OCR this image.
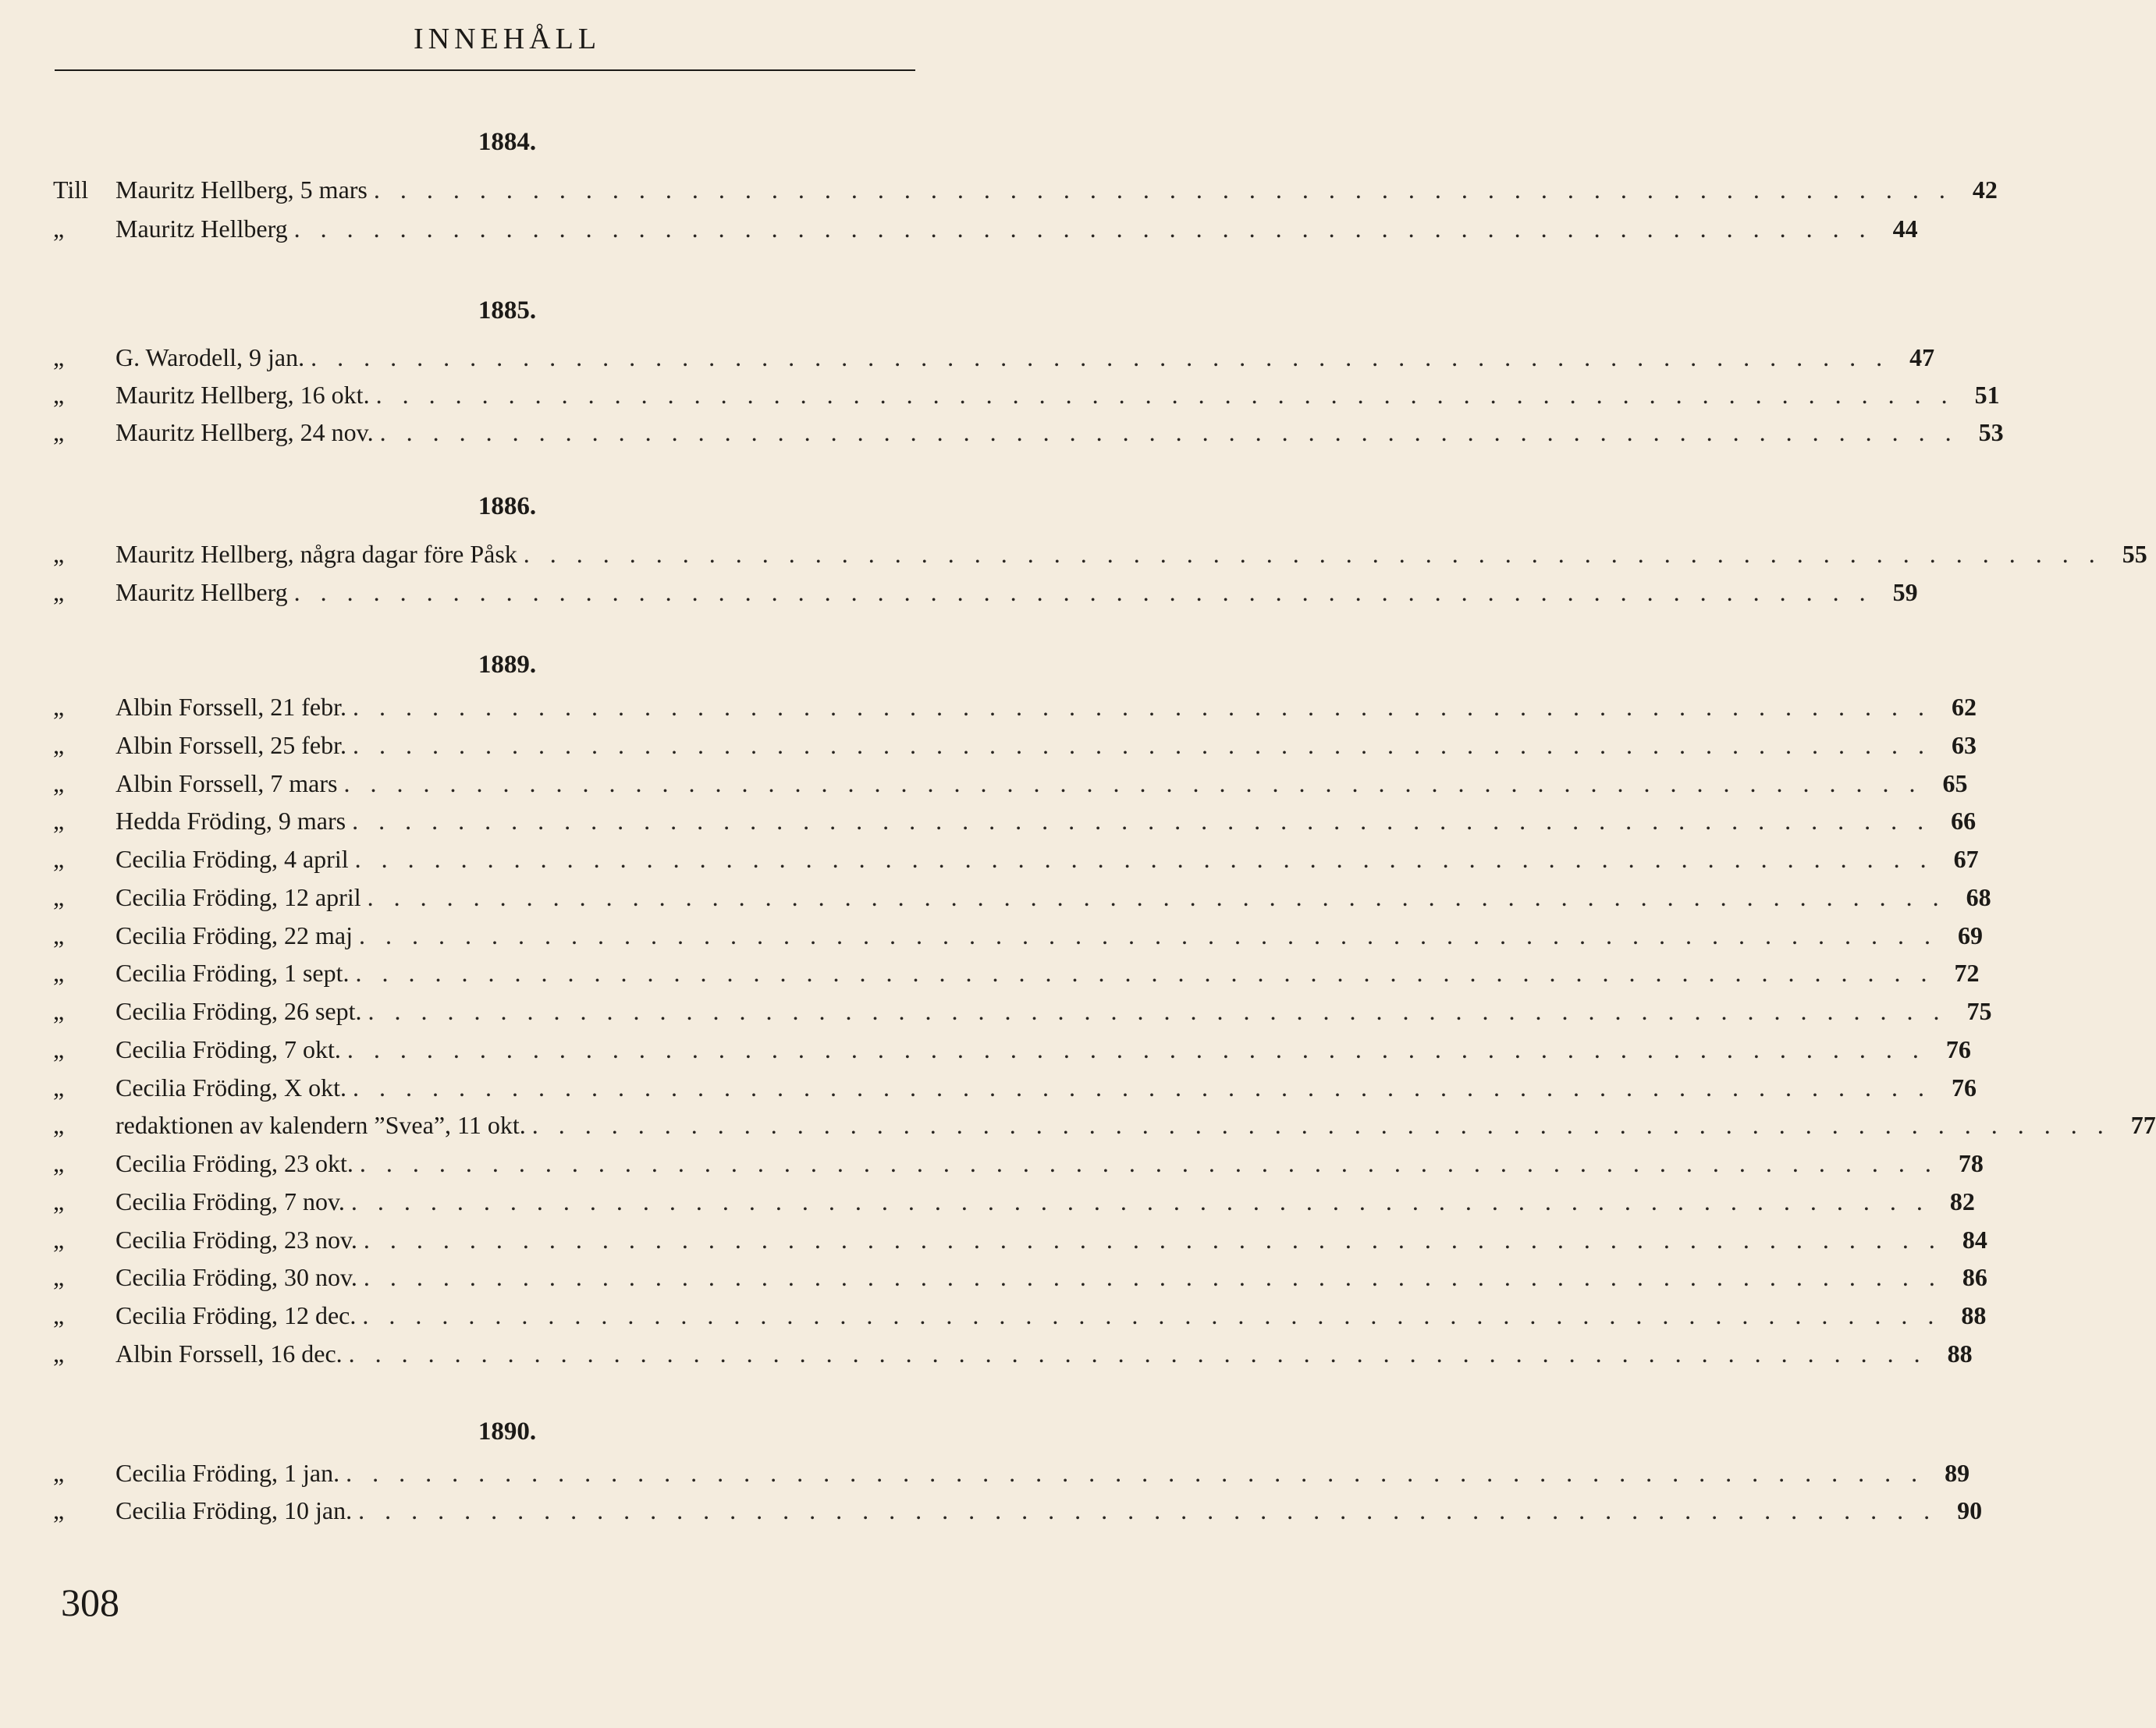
INNEHÅLL
1884.
Till	Mauritz Hellberg, 5 mars . . . . . . . . . . . . . . . . . . . . . . . . . . . . . . . . . . . . . . . . . . . . . . . . . . . . . . . . . . . . 42
„	Mauritz Hellberg . . . . . . . . . . . . . . . . . . . . . . . . . . . . . . . . . . . . . . . . . . . . . . . . . . . . . . . . . . . . 44
1885.
„	G. Warodell, 9 jan. . . . . . . . . . . . . . . . . . . . . . . . . . . . . . . . . . . . . . . . . . . . . . . . . . . . . . . . . . . . . 47
„	Mauritz Hellberg, 16 okt. . . . . . . . . . . . . . . . . . . . . . . . . . . . . . . . . . . . . . . . . . . . . . . . . . . . . . . . . . . . . 51
„	Mauritz Hellberg, 24 nov. . . . . . . . . . . . . . . . . . . . . . . . . . . . . . . . . . . . . . . . . . . . . . . . . . . . . . . . . . . . . 53
1886.
„	Mauritz Hellberg, några dagar före Påsk . . . . . . . . . . . . . . . . . . . . . . . . . . . . . . . . . . . . . . . . . . . . . . . . . . . . . . . . . . . . 55
„	Mauritz Hellberg . . . . . . . . . . . . . . . . . . . . . . . . . . . . . . . . . . . . . . . . . . . . . . . . . . . . . . . . . . . . 59
1889.
„	Albin Forssell, 21 febr. . . . . . . . . . . . . . . . . . . . . . . . . . . . . . . . . . . . . . . . . . . . . . . . . . . . . . . . . . . . . 62
„	Albin Forssell, 25 febr. . . . . . . . . . . . . . . . . . . . . . . . . . . . . . . . . . . . . . . . . . . . . . . . . . . . . . . . . . . . . 63
„	Albin Forssell, 7 mars . . . . . . . . . . . . . . . . . . . . . . . . . . . . . . . . . . . . . . . . . . . . . . . . . . . . . . . . . . . . 65
„	Hedda Fröding, 9 mars . . . . . . . . . . . . . . . . . . . . . . . . . . . . . . . . . . . . . . . . . . . . . . . . . . . . . . . . . . . . 66
„	Cecilia Fröding, 4 april . . . . . . . . . . . . . . . . . . . . . . . . . . . . . . . . . . . . . . . . . . . . . . . . . . . . . . . . . . . . 67
„	Cecilia Fröding, 12 april . . . . . . . . . . . . . . . . . . . . . . . . . . . . . . . . . . . . . . . . . . . . . . . . . . . . . . . . . . . . 68
„	Cecilia Fröding, 22 maj . . . . . . . . . . . . . . . . . . . . . . . . . . . . . . . . . . . . . . . . . . . . . . . . . . . . . . . . . . . . 69
„	Cecilia Fröding, 1 sept. . . . . . . . . . . . . . . . . . . . . . . . . . . . . . . . . . . . . . . . . . . . . . . . . . . . . . . . . . . . . 72
„	Cecilia Fröding, 26 sept. . . . . . . . . . . . . . . . . . . . . . . . . . . . . . . . . . . . . . . . . . . . . . . . . . . . . . . . . . . . . 75
„	Cecilia Fröding, 7 okt. . . . . . . . . . . . . . . . . . . . . . . . . . . . . . . . . . . . . . . . . . . . . . . . . . . . . . . . . . . . . 76
„	Cecilia Fröding, X okt. . . . . . . . . . . . . . . . . . . . . . . . . . . . . . . . . . . . . . . . . . . . . . . . . . . . . . . . . . . . . 76
„	redaktionen av kalendern ”Svea”, 11 okt. . . . . . . . . . . . . . . . . . . . . . . . . . . . . . . . . . . . . . . . . . . . . . . . . . . . . . . . . . . . . 77
„	Cecilia Fröding, 23 okt. . . . . . . . . . . . . . . . . . . . . . . . . . . . . . . . . . . . . . . . . . . . . . . . . . . . . . . . . . . . . 78
„	Cecilia Fröding, 7 nov. . . . . . . . . . . . . . . . . . . . . . . . . . . . . . . . . . . . . . . . . . . . . . . . . . . . . . . . . . . . . 82
„	Cecilia Fröding, 23 nov. . . . . . . . . . . . . . . . . . . . . . . . . . . . . . . . . . . . . . . . . . . . . . . . . . . . . . . . . . . . . 84
„	Cecilia Fröding, 30 nov. . . . . . . . . . . . . . . . . . . . . . . . . . . . . . . . . . . . . . . . . . . . . . . . . . . . . . . . . . . . . 86
„	Cecilia Fröding, 12 dec. . . . . . . . . . . . . . . . . . . . . . . . . . . . . . . . . . . . . . . . . . . . . . . . . . . . . . . . . . . . . 88
„	Albin Forssell, 16 dec. . . . . . . . . . . . . . . . . . . . . . . . . . . . . . . . . . . . . . . . . . . . . . . . . . . . . . . . . . . . . 88
1890.
„	Cecilia Fröding, 1 jan. . . . . . . . . . . . . . . . . . . . . . . . . . . . . . . . . . . . . . . . . . . . . . . . . . . . . . . . . . . . . 89
„	Cecilia Fröding, 10 jan. . . . . . . . . . . . . . . . . . . . . . . . . . . . . . . . . . . . . . . . . . . . . . . . . . . . . . . . . . . . . 90
308
